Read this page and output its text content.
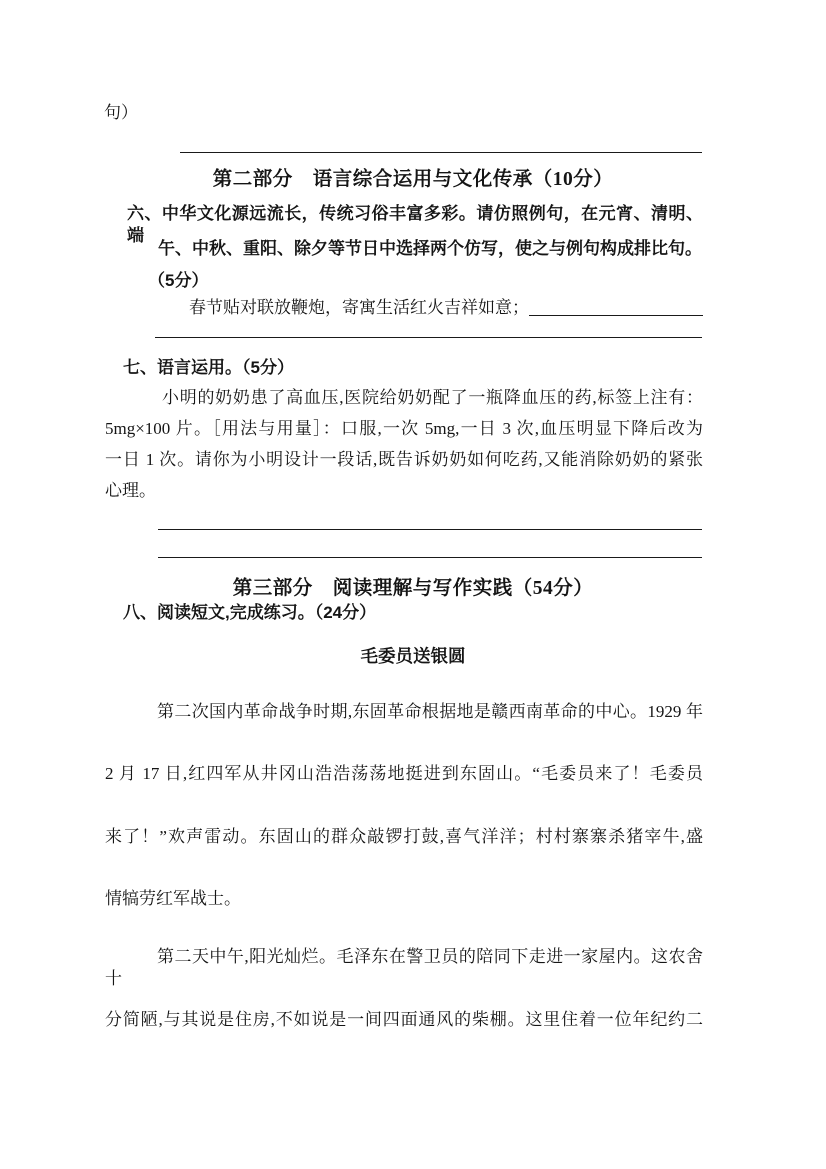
句）
第二部分　语言综合运用与文化传承（10分）
六、中华文化源远流长，传统习俗丰富多彩。请仿照例句，在元宵、清明、端
午、中秋、重阳、除夕等节日中选择两个仿写，使之与例句构成排比句。
（5分）
春节贴对联放鞭炮，寄寓生活红火吉祥如意；
七、语言运用。（5分）
小明的奶奶患了高血压,医院给奶奶配了一瓶降血压的药,标签上注有：
5mg×100 片。［用法与用量］：口服,一次 5mg,一日 3 次,血压明显下降后改为
一日 1 次。请你为小明设计一段话,既告诉奶奶如何吃药,又能消除奶奶的紧张
心理。
第三部分　阅读理解与写作实践（54分）
八、阅读短文,完成练习。（24分）
毛委员送银圆
第二次国内革命战争时期,东固革命根据地是赣西南革命的中心。1929 年
2 月 17 日,红四军从井冈山浩浩荡荡地挺进到东固山。“毛委员来了！毛委员
来了！”欢声雷动。东固山的群众敲锣打鼓,喜气洋洋；村村寨寨杀猪宰牛,盛
情犒劳红军战士。
第二天中午,阳光灿烂。毛泽东在警卫员的陪同下走进一家屋内。这农舍十
分简陋,与其说是住房,不如说是一间四面通风的柴棚。这里住着一位年纪约二
